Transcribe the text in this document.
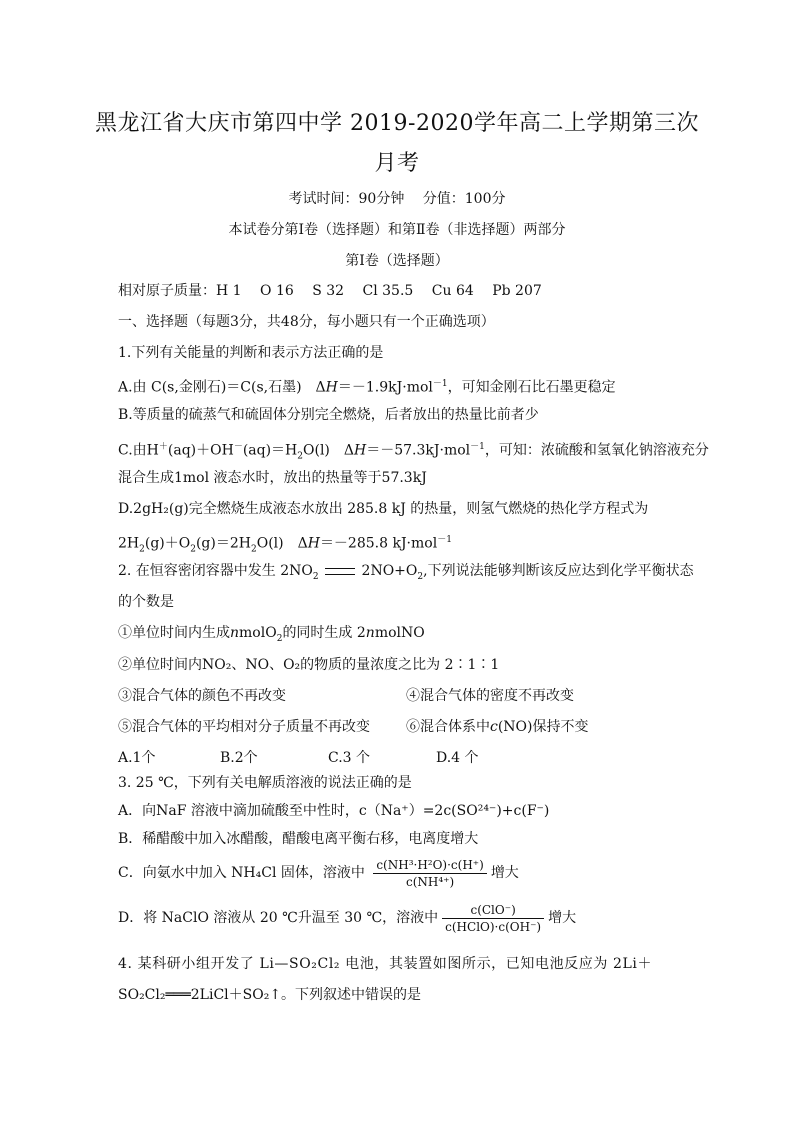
黑龙江省大庆市第四中学 2019-2020学年高二上学期第三次
月考
考试时间：90分钟　 分值：100分
本试卷分第Ⅰ卷（选择题）和第Ⅱ卷（非选择题）两部分
第Ⅰ卷（选择题）
相对原子质量：H 1　 O 16　 S 32　 Cl 35.5　 Cu 64　 Pb 207
一、选择题（每题3分，共48分，每小题只有一个正确选项）
1.下列有关能量的判断和表示方法正确的是
A.由 C(s,金刚石)＝C(s,石墨)　ΔH＝－1.9kJ·mol$^{-1}$，可知金刚石比石墨更稳定
B.等质量的硫蒸气和硫固体分别完全燃烧，后者放出的热量比前者少
C.由$H^+(aq)+OH^-(aq)=H_2O(l)$　ΔH＝－57.3kJ·mol$^{-1}$，可知：浓硫酸和氢氧化钠溶液充分
混合生成1mol 液态水时，放出的热量等于57.3kJ
D.2gH₂(g)完全燃烧生成液态水放出 285.8 kJ 的热量，则氢气燃烧的热化学方程式为
$2H_2(g)+O_2(g)=2H_2O(l)$　ΔH＝－285.8 kJ·mol$^{-1}$
2. 在恒容密闭容器中发生 $2NO_2$	$2NO+O_2$,下列说法能够判断该反应达到化学平衡状态
的个数是
①单位时间内生成nmolO$_2$的同时生成 2nmolNO
②单位时间内NO₂、NO、O₂的物质的量浓度之比为 2∶1∶1
③混合气体的颜色不再改变	④混合气体的密度不再改变
⑤混合气体的平均相对分子质量不再改变	⑥混合体系中c(NO)保持不变
A.1个	B.2个	C.3 个	D.4 个
3. 25 ℃，下列有关电解质溶液的说法正确的是
A．向NaF 溶液中滴加硫酸至中性时，c（Na⁺）=2c(SO²⁴⁻)+c(F⁻)
B．稀醋酸中加入冰醋酸，醋酸电离平衡右移，电离度增大
C．向氨水中加入 NH₄Cl 固体，溶液中 $\frac{\text{c(NH³·H²O)·c(H⁺)}}{\text{c(NH⁴⁺)}}$ 增大
D．将 NaClO 溶液从 20 ℃升温至 30 ℃，溶液中 $\frac{\text{c(ClO⁻)}}{\text{c(HClO)·c(OH⁻)}}$ 增大
4. 某科研小组开发了 Li—SO₂Cl₂ 电池，其装置如图所示，已知电池反应为 2Li＋
SO₂Cl₂═══2LiCl＋SO₂↑。下列叙述中错误的是
